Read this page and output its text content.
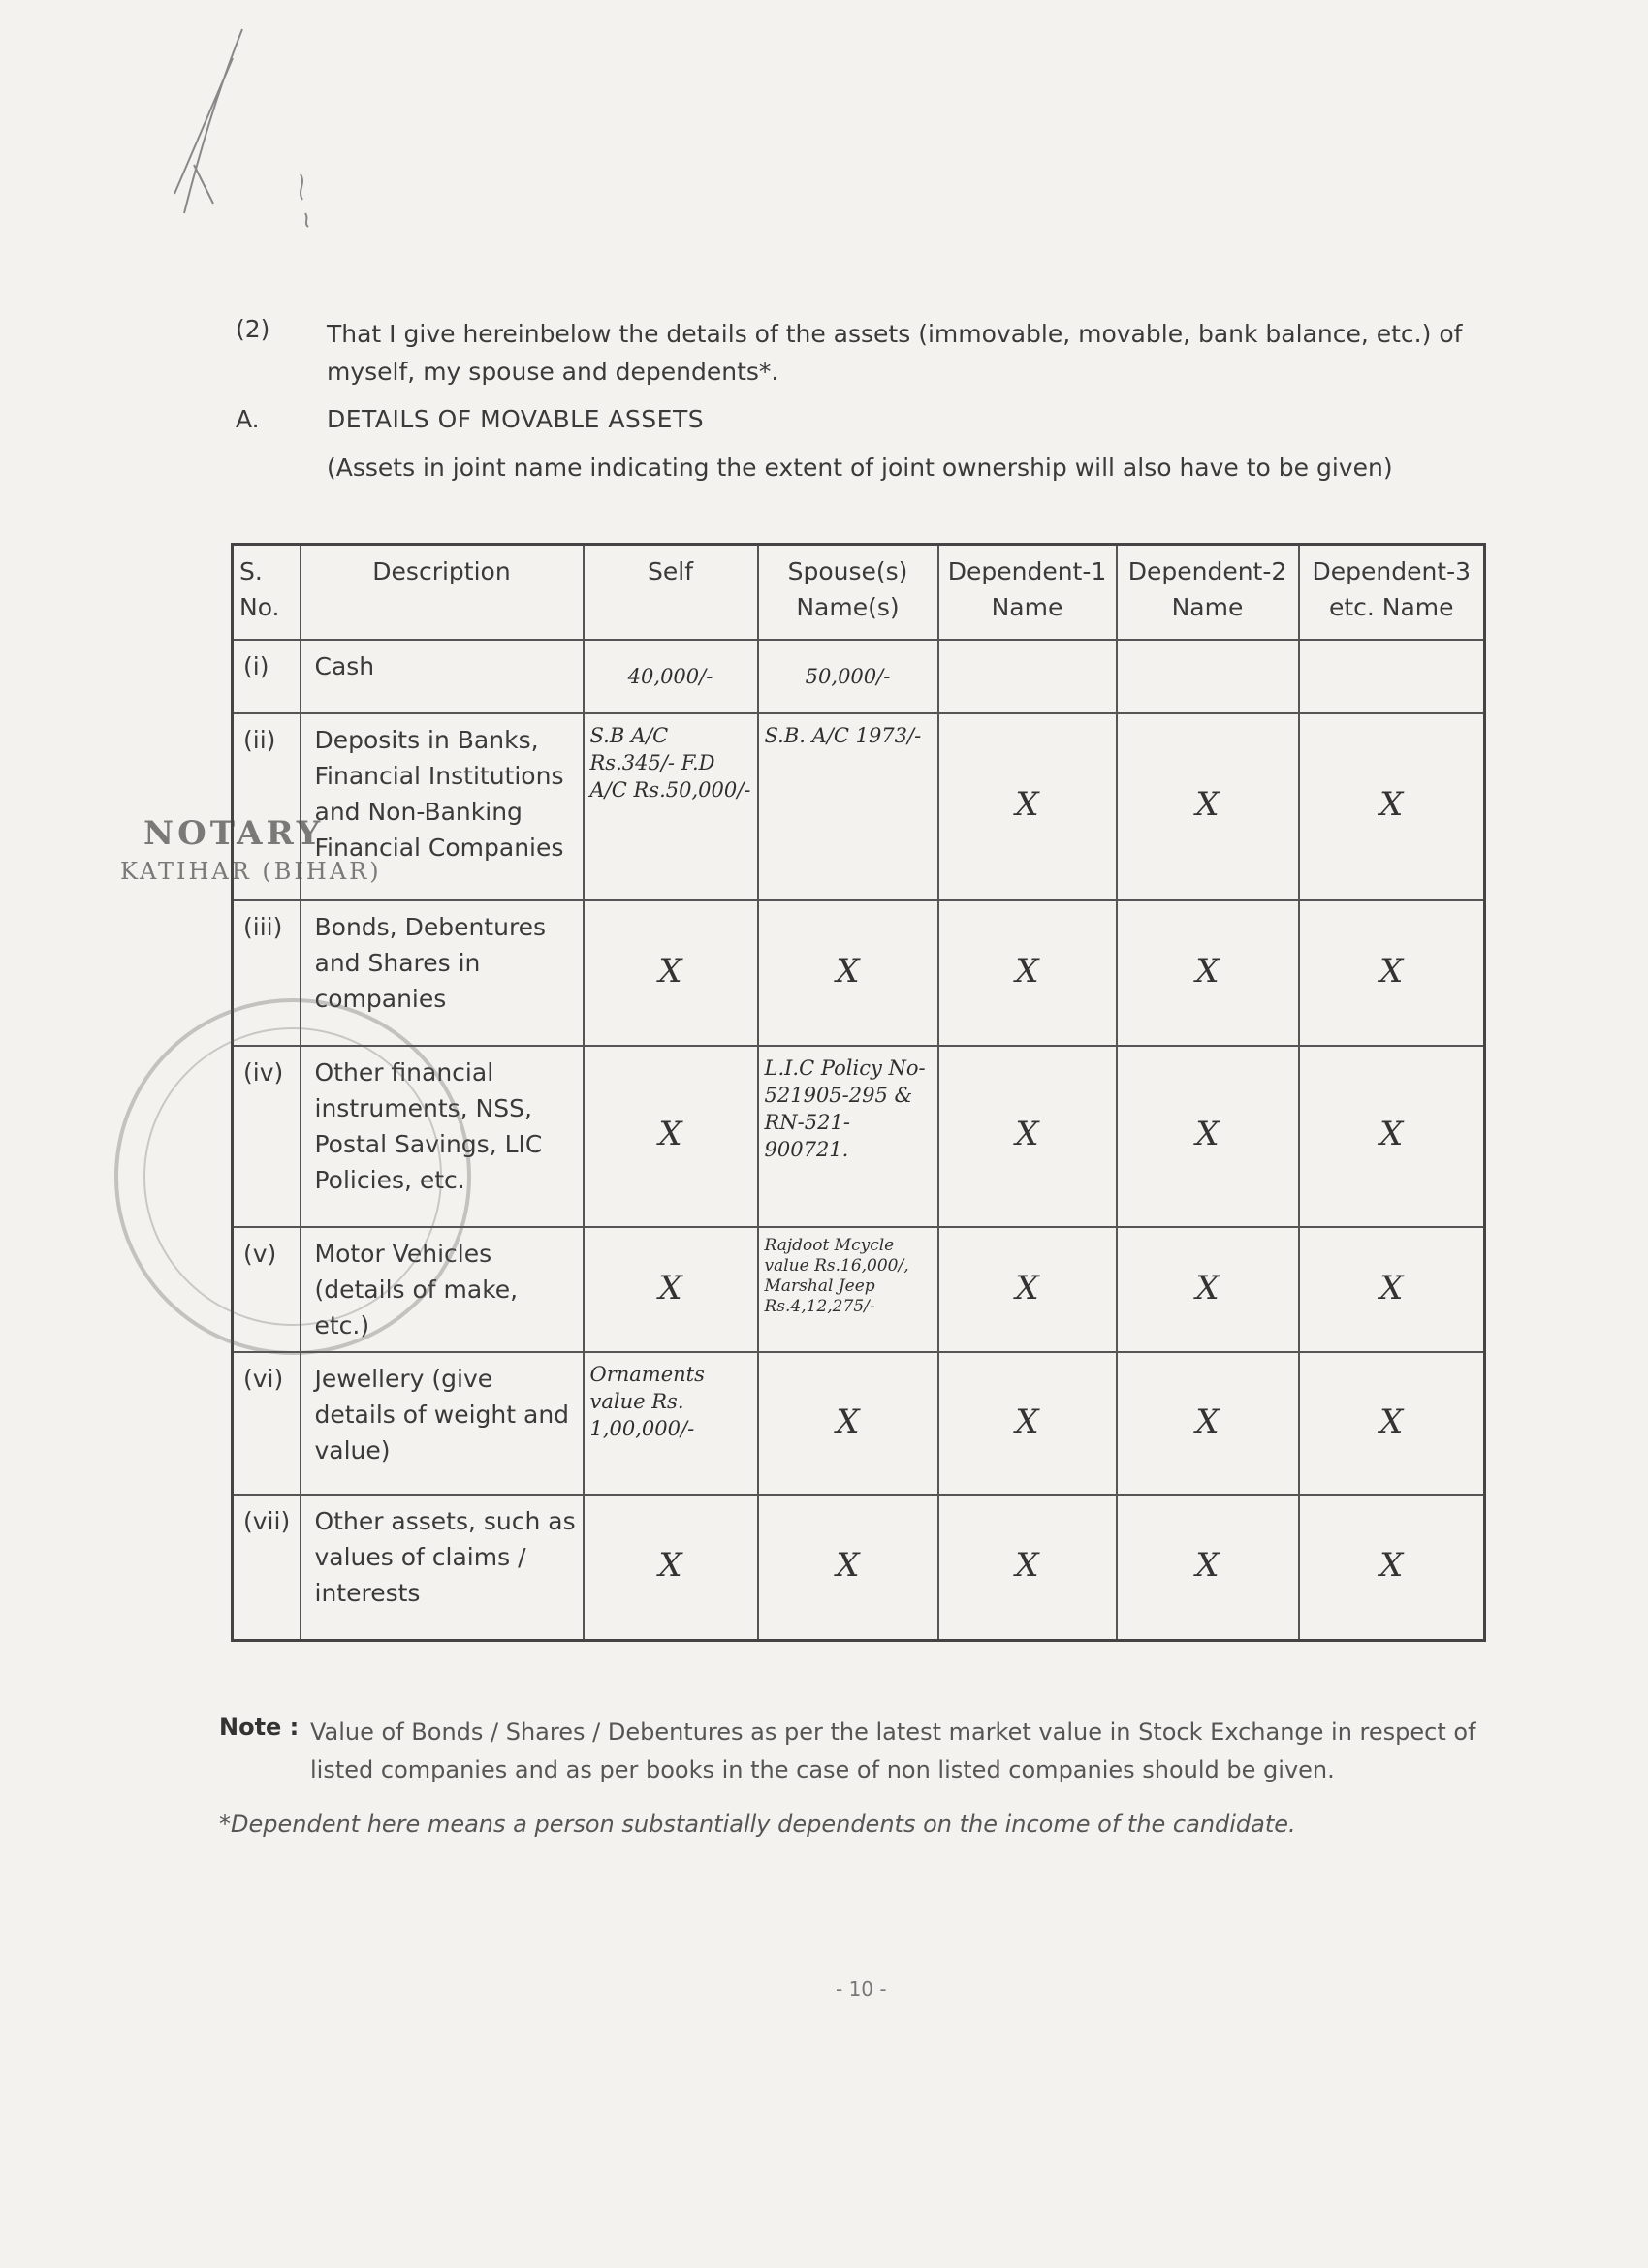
(2) That I give hereinbelow the details of the assets (immovable, movable, bank balance, etc.) of myself, my spouse and dependents*.
A.	DETAILS OF MOVABLE ASSETS
(Assets in joint name indicating the extent of joint ownership will also have to be given)
S. No.	Description	Self	Spouse(s) Name(s)	Dependent-1 Name	Dependent-2 Name	Dependent-3 etc. Name
(i)	Cash	40,000/-	50,000/-			
(ii)	Deposits in Banks, Financial Institutions and Non-Banking Financial Companies	S.B A/C Rs.345/- F.D A/C Rs.50,000/-	S.B. A/C 1973/-	X	X	X
(iii)	Bonds, Debentures and Shares in companies	X	X	X	X	X
(iv)	Other financial instruments, NSS, Postal Savings, LIC Policies, etc.	X	L.I.C Policy No-521905-295 & RN-521-900721.	X	X	X
(v)	Motor Vehicles (details of make, etc.)	X	Rajdoot Mcycle value Rs.16,000/, Marshal Jeep Rs.4,12,275/-	X	X	X
(vi)	Jewellery (give details of weight and value)	Ornaments value Rs. 1,00,000/-	X	X	X	X
(vii)	Other assets, such as values of claims / interests	X	X	X	X	X
NOTARY
KATIHAR (BIHAR)
Note : Value of Bonds / Shares / Debentures as per the latest market value in Stock Exchange in respect of listed companies and as per books in the case of non listed companies should be given.
*Dependent here means a person substantially dependents on the income of the candidate.
- 10 -
